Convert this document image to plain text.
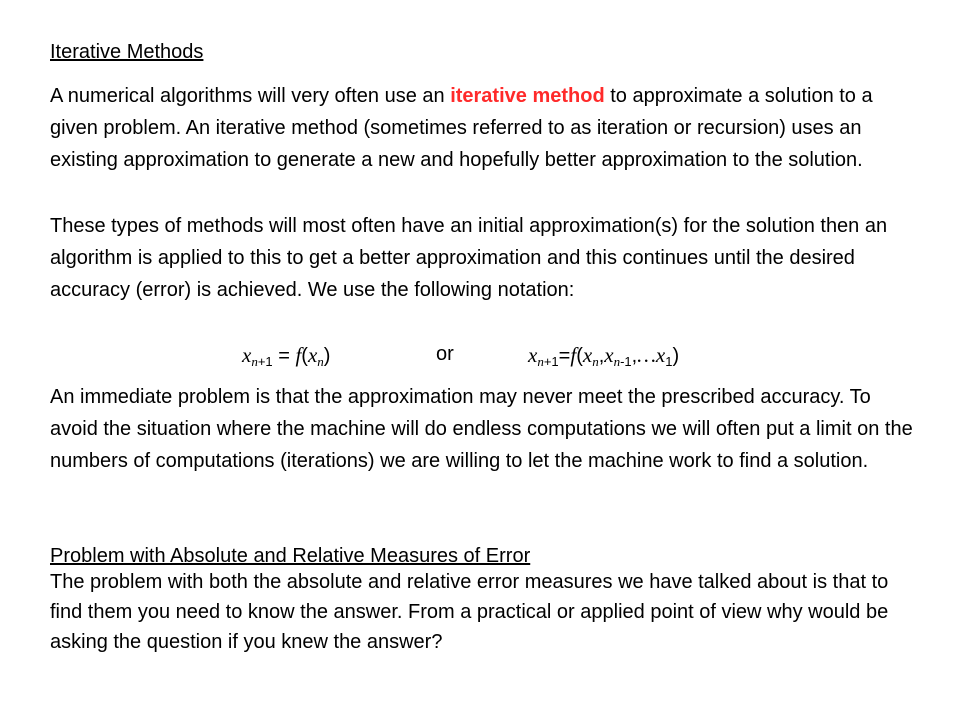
Iterative Methods
A numerical algorithms will very often use an iterative method to approximate a solution to a given problem. An iterative method (sometimes referred to as iteration or recursion) uses an existing approximation to generate a new and hopefully better approximation to the solution.
These types of methods will most often have an initial approximation(s) for the solution then an algorithm is applied to this to get a better approximation and this continues until the desired accuracy (error) is achieved. We use the following notation:
$x_{n+1} = f(x_n)$	or	$x_{n+1}=f(x_n,x_{n-1},\dots x_1)$
An immediate problem is that the approximation may never meet the prescribed accuracy. To avoid the situation where the machine will do endless computations we will often put a limit on the numbers of computations (iterations) we are willing to let the machine work to find a solution.
Problem with Absolute and Relative Measures of Error
The problem with both the absolute and relative error measures we have talked about is that to find them you need to know the answer. From a practical or applied point of view why would be asking the question if you knew the answer?
